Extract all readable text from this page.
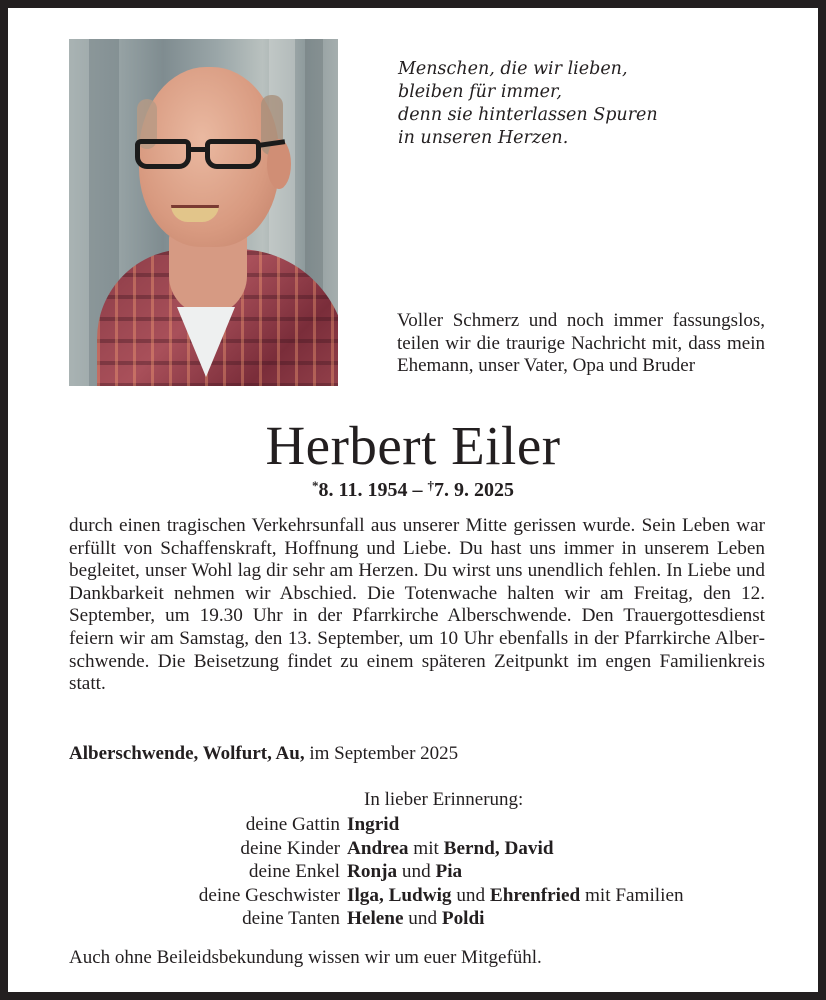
Menschen, die wir lieben,
bleiben für immer,
denn sie hinterlassen Spuren
in unseren Herzen.
Voller Schmerz und noch immer fassungslos, teilen wir die traurige Nachricht mit, dass mein Ehemann, unser Vater, Opa und Bruder
Herbert Eiler
*8. 11. 1954 – †7. 9. 2025
durch einen tragischen Verkehrsunfall aus unserer Mitte gerissen wurde. Sein Leben war erfüllt von Schaffenskraft, Hoffnung und Liebe. Du hast uns immer in unserem Leben begleitet, unser Wohl lag dir sehr am Herzen. Du wirst uns unendlich fehlen. In Liebe und Dankbarkeit nehmen wir Abschied. Die Totenwache halten wir am Freitag, den 12. September, um 19.30 Uhr in der Pfarrkirche Alberschwende. Den Trauergottesdienst feiern wir am Samstag, den 13. September, um 10 Uhr ebenfalls in der Pfarrkirche Alberschwende. Die Beisetzung findet zu einem späteren Zeitpunkt im engen Familienkreis statt.
Alberschwende, Wolfurt, Au, im September 2025
In lieber Erinnerung:
deine Gattin Ingrid
deine Kinder Andrea mit Bernd, David
deine Enkel Ronja und Pia
deine Geschwister Ilga, Ludwig und Ehrenfried mit Familien
deine Tanten Helene und Poldi
Auch ohne Beileidsbekundung wissen wir um euer Mitgefühl.
